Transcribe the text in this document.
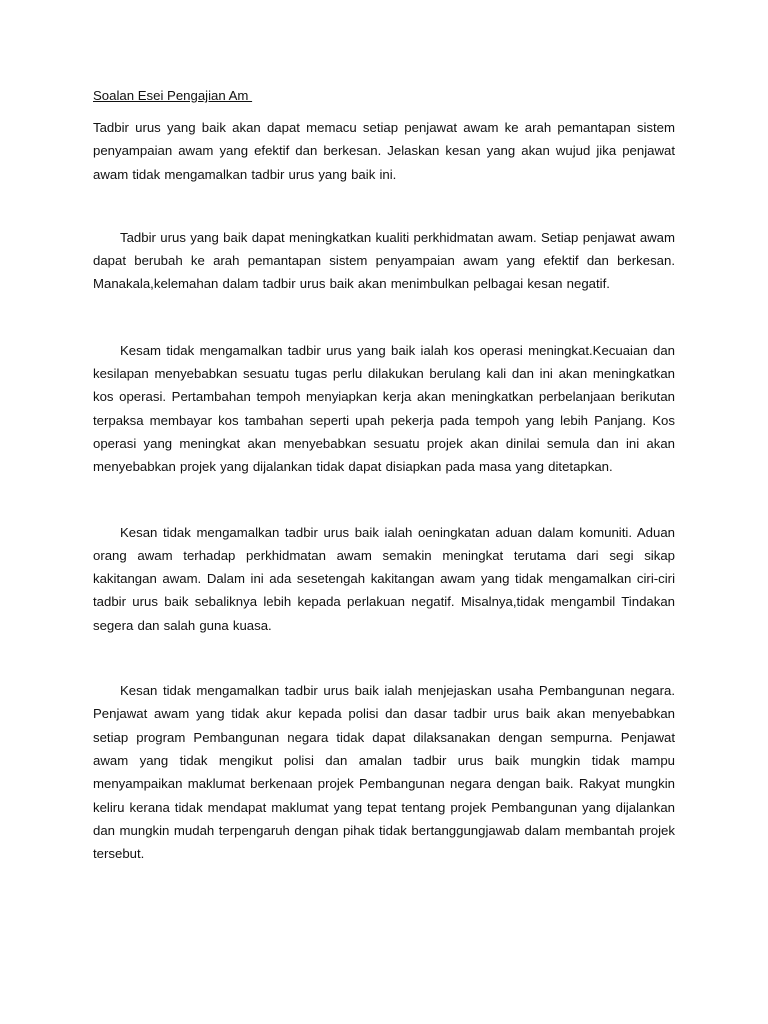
Soalan Esei Pengajian Am

Tadbir urus yang baik akan dapat memacu setiap penjawat awam ke arah pemantapan sistem penyampaian awam yang efektif dan berkesan. Jelaskan kesan yang akan wujud jika penjawat awam tidak mengamalkan tadbir urus yang baik ini.

Tadbir urus yang baik dapat meningkatkan kualiti perkhidmatan awam. Setiap penjawat awam dapat berubah ke arah pemantapan sistem penyampaian awam yang efektif dan berkesan. Manakala,kelemahan dalam tadbir urus baik akan menimbulkan pelbagai kesan negatif.

Kesam tidak mengamalkan tadbir urus yang baik ialah kos operasi meningkat.Kecuaian dan kesilapan menyebabkan sesuatu tugas perlu dilakukan berulang kali dan ini akan meningkatkan kos operasi. Pertambahan tempoh menyiapkan kerja akan meningkatkan perbelanjaan berikutan terpaksa membayar kos tambahan seperti upah pekerja pada tempoh yang lebih Panjang. Kos operasi yang meningkat akan menyebabkan sesuatu projek akan dinilai semula dan ini akan menyebabkan projek yang dijalankan tidak dapat disiapkan pada masa yang ditetapkan.

Kesan tidak mengamalkan tadbir urus baik ialah oeningkatan aduan dalam komuniti. Aduan orang awam terhadap perkhidmatan awam semakin meningkat terutama dari segi sikap kakitangan awam. Dalam ini ada sesetengah kakitangan awam yang tidak mengamalkan ciri-ciri tadbir urus baik sebaliknya lebih kepada perlakuan negatif. Misalnya,tidak mengambil Tindakan segera dan salah guna kuasa.

Kesan tidak mengamalkan tadbir urus baik ialah menjejaskan usaha Pembangunan negara. Penjawat awam yang tidak akur kepada polisi dan dasar tadbir urus baik akan menyebabkan setiap program Pembangunan negara tidak dapat dilaksanakan dengan sempurna. Penjawat awam yang tidak mengikut polisi dan amalan tadbir urus baik mungkin tidak mampu menyampaikan maklumat berkenaan projek Pembangunan negara dengan baik. Rakyat mungkin keliru kerana tidak mendapat maklumat yang tepat tentang projek Pembangunan yang dijalankan dan mungkin mudah terpengaruh dengan pihak tidak bertanggungjawab dalam membantah projek tersebut.
